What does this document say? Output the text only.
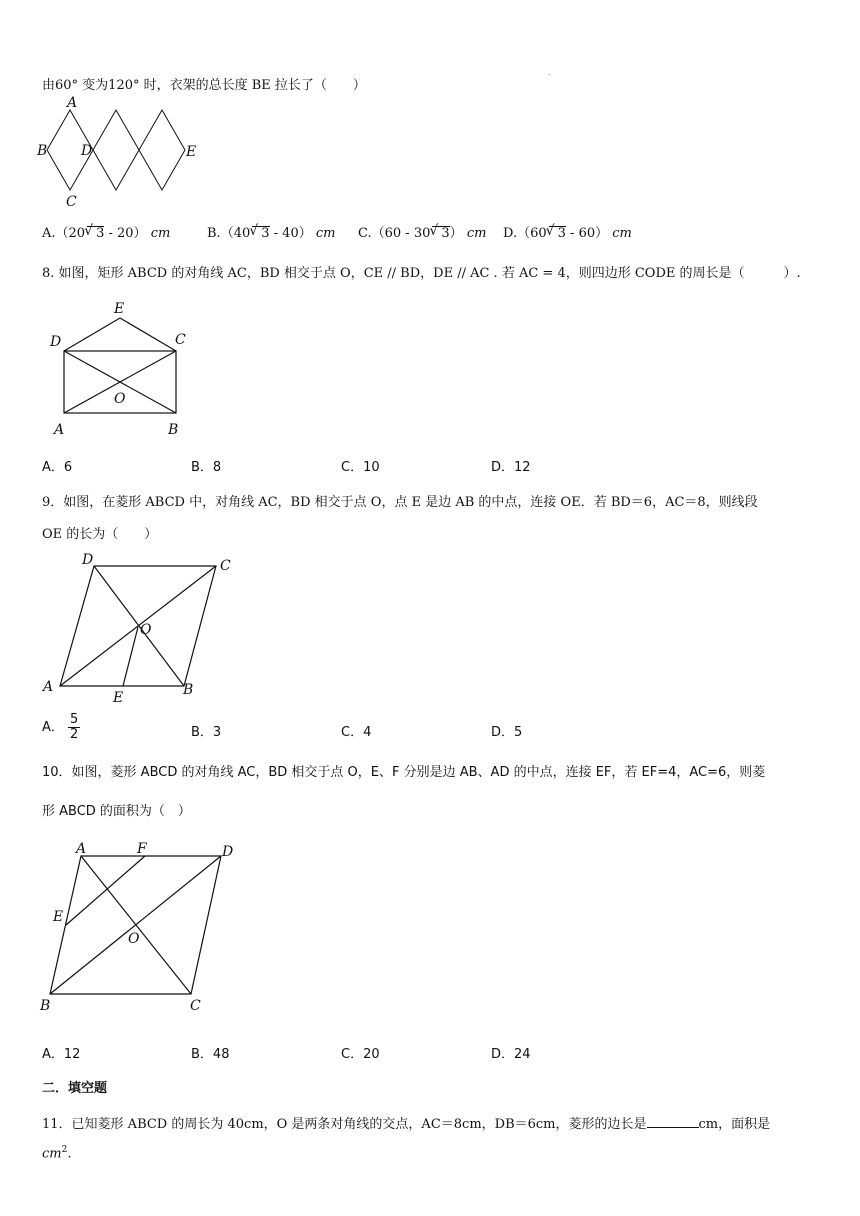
由60° 变为120° 时，衣架的总长度 BE 拉长了（　　）
-
A
B D	E
C
A.（20 √ 3 - 20） cm	B.（40 √ 3 - 40） cm C.（60 - 30 √ 3） cm D.（60 √ 3 - 60） cm
8. 如图，矩形 ABCD 的对角线 AC，BD 相交于点 O，CE // BD，DE // AC . 若 AC = 4，则四边形 CODE 的周长是（　　　）.
E
D	C
O
A	B
A．6	B．8	C．10	D．12
9．如图，在菱形 ABCD 中，对角线 AC，BD 相交于点 O，点 E 是边 AB 的中点，连接 OE．若 BD＝6，AC＝8，则线段
OE 的长为（　　）
D	C
O
A
E	B
A． $\frac{5}{2}$	B．3	C．4	D．5
10．如图，菱形 ABCD 的对角线 AC，BD 相交于点 O，E、F 分别是边 AB、AD 的中点，连接 EF，若 EF=4，AC=6，则菱
形 ABCD 的面积为（　）
A	F	D
E
O
B	C
A．12	B．48	C．20	D．24
二．填空题
11．已知菱形 ABCD 的周长为 40cm，O 是两条对角线的交点，AC＝8cm，DB＝6cm，菱形的边长是	cm，面积是
$cm^2$.
